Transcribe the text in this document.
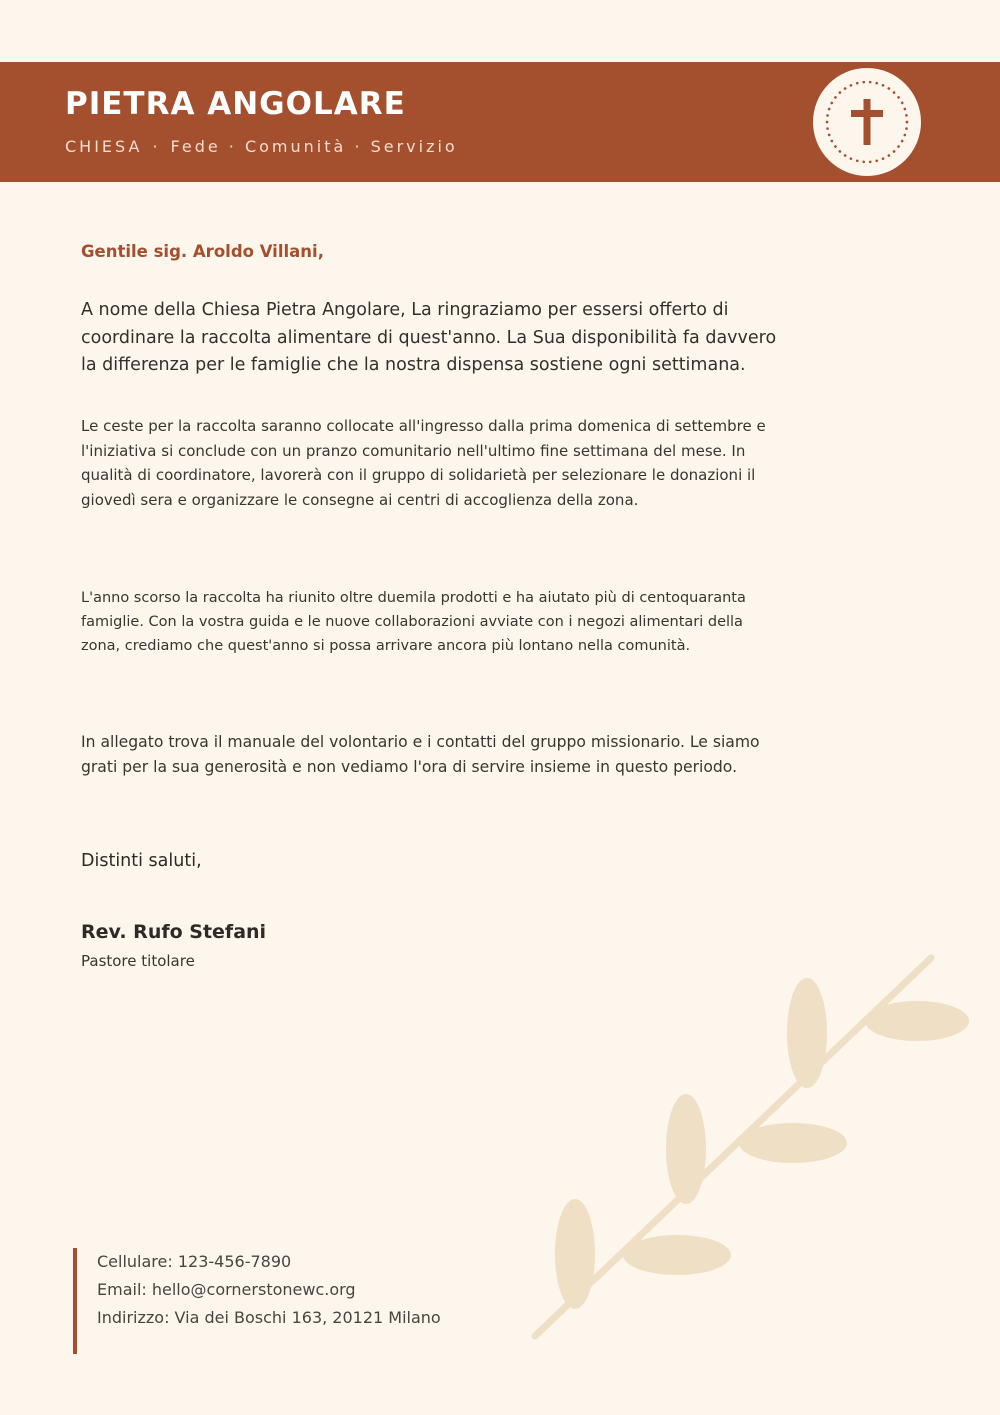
PIETRA ANGOLARE
CHIESA · Fede · Comunità · Servizio
Gentile sig. Aroldo Villani,

A nome della Chiesa Pietra Angolare, La ringraziamo per essersi offerto di coordinare la raccolta alimentare di quest'anno. La Sua disponibilità fa davvero la differenza per le famiglie che la nostra dispensa sostiene ogni settimana.

Le ceste per la raccolta saranno collocate all'ingresso dalla prima domenica di settembre e l'iniziativa si conclude con un pranzo comunitario nell'ultimo fine settimana del mese. In qualità di coordinatore, lavorerà con il gruppo di solidarietà per selezionare le donazioni il giovedì sera e organizzare le consegne ai centri di accoglienza della zona.

L'anno scorso la raccolta ha riunito oltre duemila prodotti e ha aiutato più di centoquaranta famiglie. Con la vostra guida e le nuove collaborazioni avviate con i negozi alimentari della zona, crediamo che quest'anno si possa arrivare ancora più lontano nella comunità.

In allegato trova il manuale del volontario e i contatti del gruppo missionario. Le siamo grati per la sua generosità e non vediamo l'ora di servire insieme in questo periodo.

Distinti saluti,
Rev. Rufo Stefani
Pastore titolare
Cellulare: 123-456-7890
Email: hello@cornerstonewc.org
Indirizzo: Via dei Boschi 163, 20121 Milano
